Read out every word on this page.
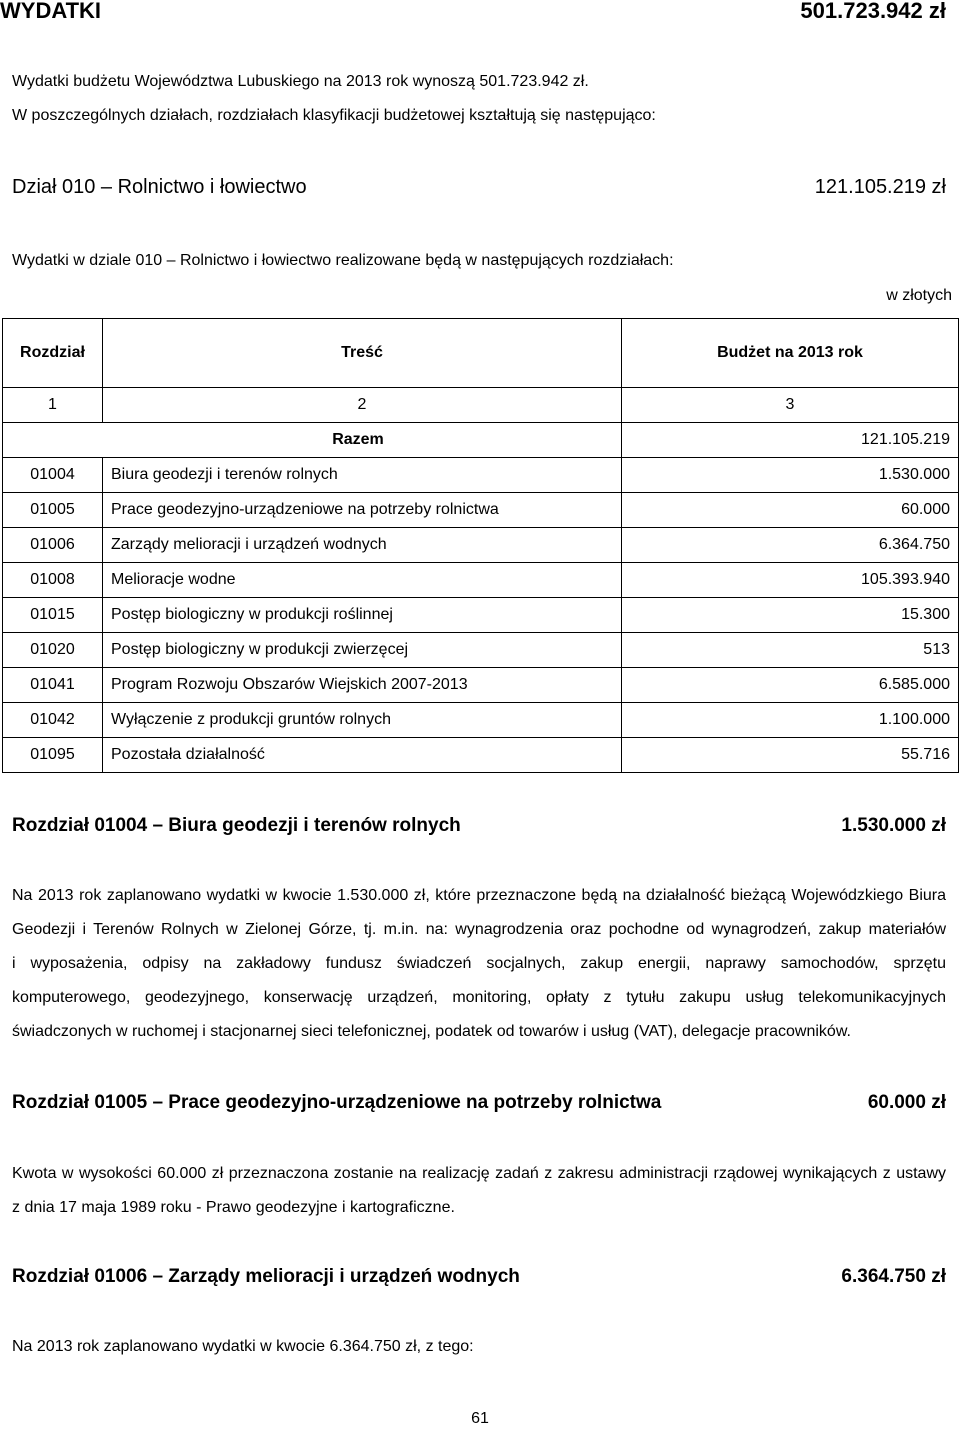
WYDATKI	501.723.942 zł
Wydatki budżetu Województwa Lubuskiego na 2013 rok wynoszą 501.723.942 zł.
W poszczególnych działach, rozdziałach klasyfikacji budżetowej kształtują się następująco:
Dział 010 – Rolnictwo i łowiectwo	121.105.219 zł
Wydatki w dziale 010 – Rolnictwo i łowiectwo realizowane będą w następujących rozdziałach:
w złotych
Rozdział	Treść	Budżet na 2013 rok
1	2	3
Razem		121.105.219
01004	Biura geodezji i terenów rolnych	1.530.000
01005	Prace geodezyjno-urządzeniowe na potrzeby rolnictwa	60.000
01006	Zarządy melioracji i urządzeń wodnych	6.364.750
01008	Melioracje wodne	105.393.940
01015	Postęp biologiczny w produkcji roślinnej	15.300
01020	Postęp biologiczny w produkcji zwierzęcej	513
01041	Program Rozwoju Obszarów Wiejskich 2007-2013	6.585.000
01042	Wyłączenie z produkcji gruntów rolnych	1.100.000
01095	Pozostała działalność	55.716
Rozdział 01004 – Biura geodezji i terenów rolnych	1.530.000 zł
Na 2013 rok zaplanowano wydatki w kwocie 1.530.000 zł, które przeznaczone będą na działalność bieżącą Wojewódzkiego Biura
Geodezji i Terenów Rolnych w Zielonej Górze, tj. m.in. na: wynagrodzenia oraz pochodne od wynagrodzeń, zakup materiałów
i wyposażenia, odpisy na zakładowy fundusz świadczeń socjalnych, zakup energii, naprawy samochodów, sprzętu
komputerowego, geodezyjnego, konserwację urządzeń, monitoring, opłaty z tytułu zakupu usług telekomunikacyjnych
świadczonych w ruchomej i stacjonarnej sieci telefonicznej, podatek od towarów i usług (VAT), delegacje pracowników.
Rozdział 01005 – Prace geodezyjno-urządzeniowe na potrzeby rolnictwa	60.000 zł
Kwota w wysokości 60.000 zł przeznaczona zostanie na realizację zadań z zakresu administracji rządowej wynikających z ustawy
z dnia 17 maja 1989 roku - Prawo geodezyjne i kartograficzne.
Rozdział 01006 – Zarządy melioracji i urządzeń wodnych	6.364.750 zł
Na 2013 rok zaplanowano wydatki w kwocie 6.364.750 zł, z tego:
61
